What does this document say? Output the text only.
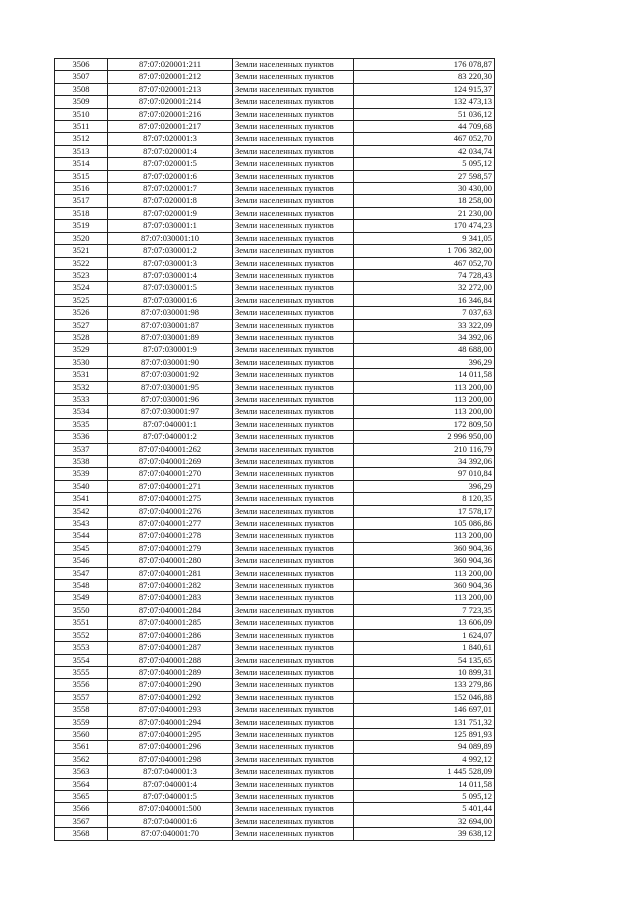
3506	87:07:020001:211	Земли населенных пунктов	176 078,87
3507	87:07:020001:212	Земли населенных пунктов	83 220,30
3508	87:07:020001:213	Земли населенных пунктов	124 915,37
3509	87:07:020001:214	Земли населенных пунктов	132 473,13
3510	87:07:020001:216	Земли населенных пунктов	51 036,12
3511	87:07:020001:217	Земли населенных пунктов	44 709,68
3512	87:07:020001:3	Земли населенных пунктов	467 052,70
3513	87:07:020001:4	Земли населенных пунктов	42 034,74
3514	87:07:020001:5	Земли населенных пунктов	5 095,12
3515	87:07:020001:6	Земли населенных пунктов	27 598,57
3516	87:07:020001:7	Земли населенных пунктов	30 430,00
3517	87:07:020001:8	Земли населенных пунктов	18 258,00
3518	87:07:020001:9	Земли населенных пунктов	21 230,00
3519	87:07:030001:1	Земли населенных пунктов	170 474,23
3520	87:07:030001:10	Земли населенных пунктов	9 341,05
3521	87:07:030001:2	Земли населенных пунктов	1 706 382,00
3522	87:07:030001:3	Земли населенных пунктов	467 052,70
3523	87:07:030001:4	Земли населенных пунктов	74 728,43
3524	87:07:030001:5	Земли населенных пунктов	32 272,00
3525	87:07:030001:6	Земли населенных пунктов	16 346,84
3526	87:07:030001:98	Земли населенных пунктов	7 037,63
3527	87:07:030001:87	Земли населенных пунктов	33 322,09
3528	87:07:030001:89	Земли населенных пунктов	34 392,06
3529	87:07:030001:9	Земли населенных пунктов	48 688,00
3530	87:07:030001:90	Земли населенных пунктов	396,29
3531	87:07:030001:92	Земли населенных пунктов	14 011,58
3532	87:07:030001:95	Земли населенных пунктов	113 200,00
3533	87:07:030001:96	Земли населенных пунктов	113 200,00
3534	87:07:030001:97	Земли населенных пунктов	113 200,00
3535	87:07:040001:1	Земли населенных пунктов	172 809,50
3536	87:07:040001:2	Земли населенных пунктов	2 996 950,00
3537	87:07:040001:262	Земли населенных пунктов	210 116,79
3538	87:07:040001:269	Земли населенных пунктов	34 392,06
3539	87:07:040001:270	Земли населенных пунктов	97 010,84
3540	87:07:040001:271	Земли населенных пунктов	396,29
3541	87:07:040001:275	Земли населенных пунктов	8 120,35
3542	87:07:040001:276	Земли населенных пунктов	17 578,17
3543	87:07:040001:277	Земли населенных пунктов	105 086,86
3544	87:07:040001:278	Земли населенных пунктов	113 200,00
3545	87:07:040001:279	Земли населенных пунктов	360 904,36
3546	87:07:040001:280	Земли населенных пунктов	360 904,36
3547	87:07:040001:281	Земли населенных пунктов	113 200,00
3548	87:07:040001:282	Земли населенных пунктов	360 904,36
3549	87:07:040001:283	Земли населенных пунктов	113 200,00
3550	87:07:040001:284	Земли населенных пунктов	7 723,35
3551	87:07:040001:285	Земли населенных пунктов	13 606,09
3552	87:07:040001:286	Земли населенных пунктов	1 624,07
3553	87:07:040001:287	Земли населенных пунктов	1 840,61
3554	87:07:040001:288	Земли населенных пунктов	54 135,65
3555	87:07:040001:289	Земли населенных пунктов	10 899,31
3556	87:07:040001:290	Земли населенных пунктов	133 279,86
3557	87:07:040001:292	Земли населенных пунктов	152 046,88
3558	87:07:040001:293	Земли населенных пунктов	146 697,01
3559	87:07:040001:294	Земли населенных пунктов	131 751,32
3560	87:07:040001:295	Земли населенных пунктов	125 891,93
3561	87:07:040001:296	Земли населенных пунктов	94 089,89
3562	87:07:040001:298	Земли населенных пунктов	4 992,12
3563	87:07:040001:3	Земли населенных пунктов	1 445 528,09
3564	87:07:040001:4	Земли населенных пунктов	14 011,58
3565	87:07:040001:5	Земли населенных пунктов	5 095,12
3566	87:07:040001:500	Земли населенных пунктов	5 401,44
3567	87:07:040001:6	Земли населенных пунктов	32 694,00
3568	87:07:040001:70	Земли населенных пунктов	39 638,12
